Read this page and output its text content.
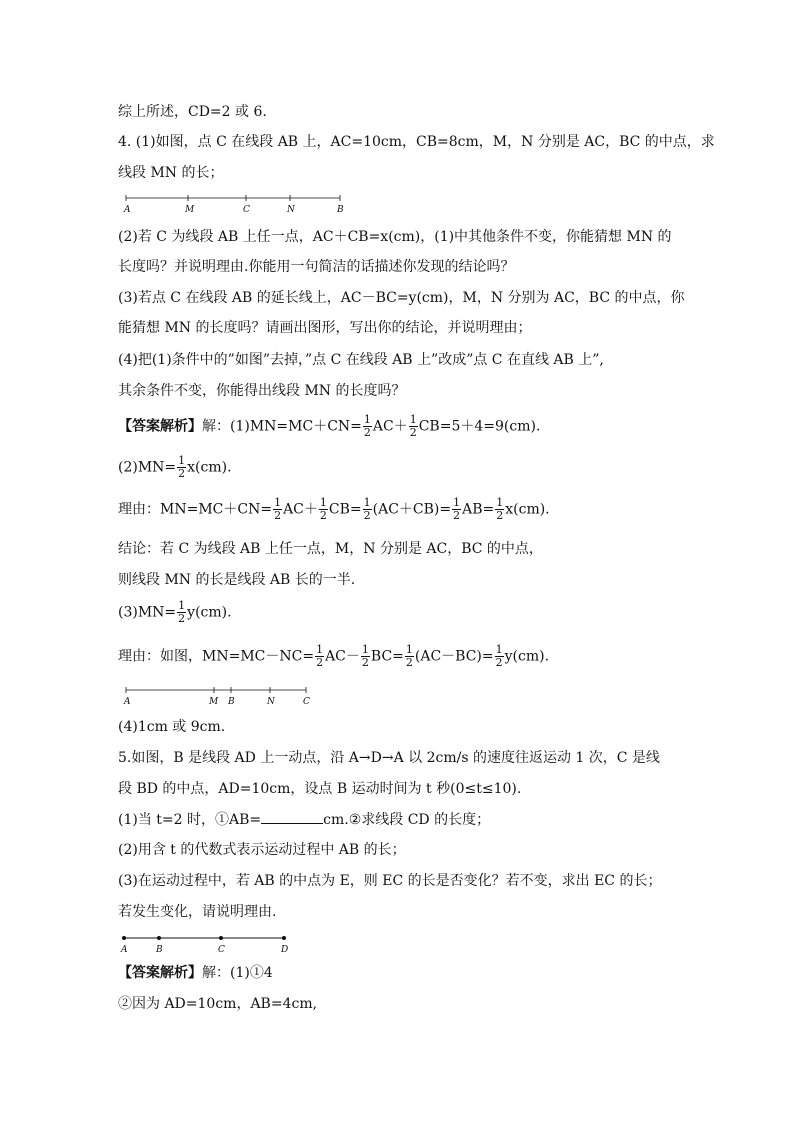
综上所述，CD=2 或 6.
4. (1)如图，点 C 在线段 AB 上，AC=10cm，CB=8cm，M，N 分别是 AC，BC 的中点，求
线段 MN 的长；
A	M	C	N	B
(2)若 C 为线段 AB 上任一点，AC＋CB=x(cm)，(1)中其他条件不变，你能猜想 MN 的
长度吗？并说明理由.你能用一句简洁的话描述你发现的结论吗？
(3)若点 C 在线段 AB 的延长线上，AC－BC=y(cm)，M，N 分别为 AC，BC 的中点，你
能猜想 MN 的长度吗？请画出图形，写出你的结论，并说明理由；
(4)把(1)条件中的”如图”去掉，”点 C 在线段 AB 上”改成”点 C 在直线 AB 上”,
其余条件不变，你能得出线段 MN 的长度吗？
【答案解析】解：$(1)MN=MC+CN= \frac{1}{2} AC+ \frac{1}{2} CB=5+4=9(cm)$.
$(2)MN= \frac{1}{2} x(cm)$.
理由：$MN=MC+CN= \frac{1}{2} AC+ \frac{1}{2} CB= \frac{1}{2} (AC+CB)= \frac{1}{2} AB= \frac{1}{2} x(cm)$.
结论：若 C 为线段 AB 上任一点，M，N 分别是 AC，BC 的中点，
则线段 MN 的长是线段 AB 长的一半.
$(3)MN= \frac{1}{2} y(cm)$.
理由：如图，$MN=MC-NC= \frac{1}{2} AC- \frac{1}{2} BC= \frac{1}{2} (AC-BC)= \frac{1}{2} y(cm)$.
A	M B	N	C
(4)1cm 或 9cm.
5.如图，B 是线段 AD 上一动点，沿 A→D→A 以 2cm/s 的速度往返运动 1 次，C 是线
段 BD 的中点，AD=10cm，设点 B 运动时间为 t 秒(0≤t≤10).
(1)当 t=2 时，①AB=	cm.②求线段 CD 的长度；
(2)用含 t 的代数式表示运动过程中 AB 的长；
(3)在运动过程中，若 AB 的中点为 E，则 EC 的长是否变化？若不变，求出 EC 的长；
若发生变化，请说明理由.
A	B	C	D
【答案解析】解：(1)①4
②因为 AD=10cm，AB=4cm,
